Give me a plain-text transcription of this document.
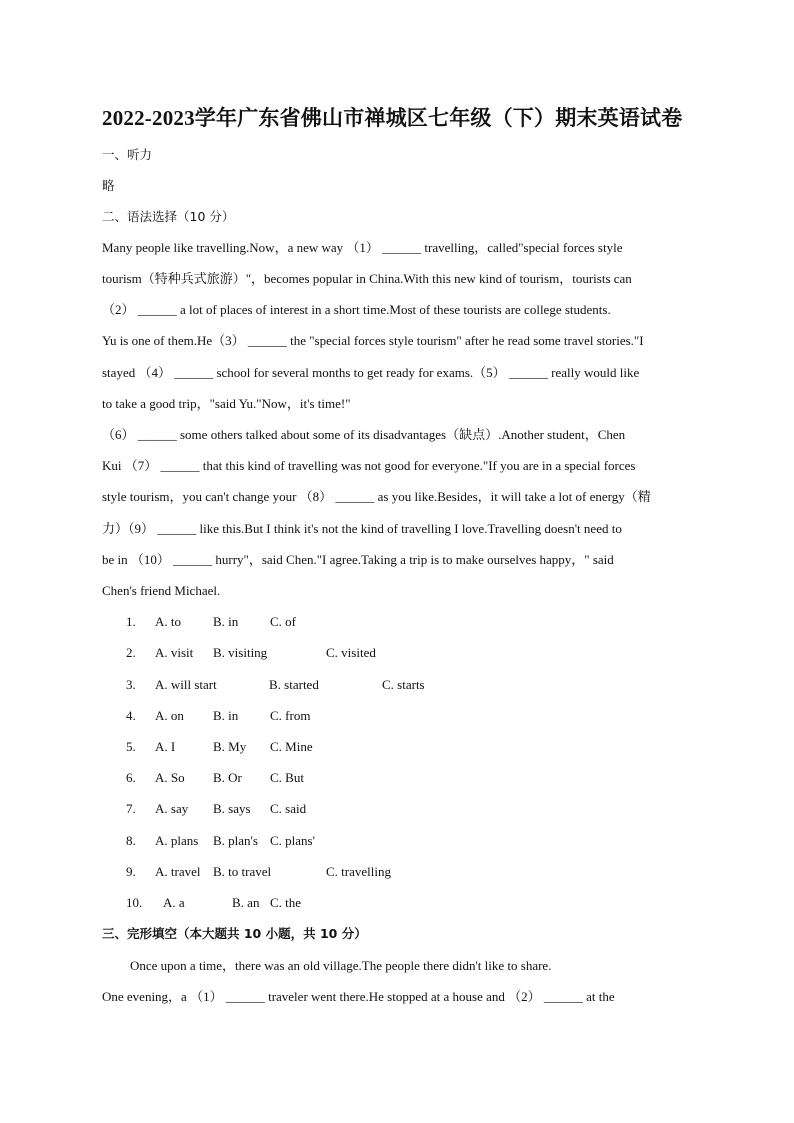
2022-2023学年广东省佛山市禅城区七年级（下）期末英语试卷
一、听力
略
二、语法选择（10 分）
Many people like travelling.Now，a new way （1） ______ travelling，called"special forces style
tourism（特种兵式旅游）"，becomes popular in China.With this new kind of tourism，tourists can
（2） ______ a lot of places of interest in a short time.Most of these tourists are college students.
Yu is one of them.He（3） ______ the "special forces style tourism" after he read some travel stories."I
stayed （4） ______ school for several months to get ready for exams.（5） ______ really would like
to take a good trip，"said Yu."Now，it's time!"
（6） ______ some others talked about some of its disadvantages（缺点）.Another student，Chen
Kui （7） ______ that this kind of travelling was not good for everyone."If you are in a special forces
style tourism，you can't change your （8） ______ as you like.Besides，it will take a lot of energy（精
力）（9） ______ like this.But I think it's not the kind of travelling I love.Travelling doesn't need to
be in （10） ______ hurry"，said Chen."I agree.Taking a trip is to make ourselves happy，" said
Chen's friend Michael.
1. A. to B. in C. of
2. A. visit B. visiting	C. visited
3. A. will start	B. started	C. starts
4. A. on B. in C. from
5. A. I	B. My C. Mine
6. A. So B. Or C. But
7. A. say B. says C. said
8. A. plans B. plan's C. plans'
9. A. travel B. to travel	C. travelling
10. A. a	B. an C. the
三、完形填空（本大题共 10 小题，共 10 分）
Once upon a time，there was an old village.The people there didn't like to share.
One evening，a （1） ______ traveler went there.He stopped at a house and （2） ______ at the
